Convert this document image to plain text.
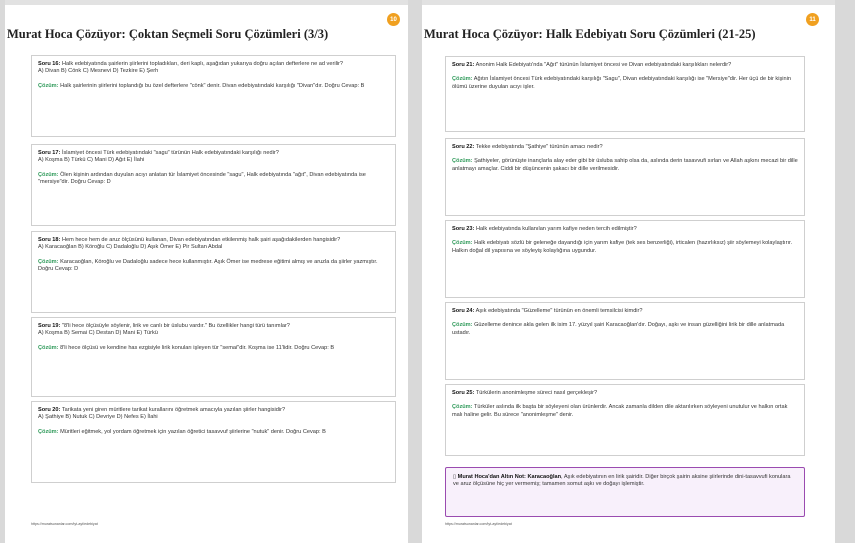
10
Murat Hoca Çözüyor: Çoktan Seçmeli Soru Çözümleri (3/3)
Soru 16: Halk edebiyatında şairlerin şiirlerini topladıkları, deri kaplı, aşağıdan yukarıya doğru açılan defterlere ne ad verilir?
A) Divan B) Cönk C) Mesnevi D) Tezkire E) Şerh
Çözüm: Halk şairlerinin şiirlerini toplandığı bu özel defterlere "cönk" denir. Divan edebiyatındaki karşılığı "Divan"dır. Doğru Cevap: B
Soru 17: İslamiyet öncesi Türk edebiyatındaki "sagu" türünün Halk edebiyatındaki karşılığı nedir?
A) Koşma B) Türkü C) Mani D) Ağıt E) İlahi
Çözüm: Ölen kişinin ardından duyulan acıyı anlatan tür İslamiyet öncesinde "sagu", Halk edebiyatında "ağıt", Divan edebiyatında ise "mersiye"dir. Doğru Cevap: D
Soru 18: Hem hece hem de aruz ölçüsünü kullanan, Divan edebiyatından etkilenmiş halk şairi aşağıdakilerden hangisidir?
A) Karacaoğlan B) Köroğlu C) Dadaloğlu D) Aşık Ömer E) Pir Sultan Abdal
Çözüm: Karacaoğlan, Köroğlu ve Dadaloğlu sadece hece kullanmıştır. Aşık Ömer ise medrese eğitimi almış ve aruzla da şiirler yazmıştır. Doğru Cevap: D
Soru 19: "8'li hece ölçüsüyle söylenir, lirik ve canlı bir üslubu vardır." Bu özellikler hangi türü tanımlar?
A) Koşma B) Semai C) Destan D) Mani E) Türkü
Çözüm: 8'li hece ölçüsü ve kendine has ezgisiyle lirik konuları işleyen tür "semai"dir. Koşma ise 11'lidir. Doğru Cevap: B
Soru 20: Tarikata yeni giren müritlere tarikat kurallarını öğretmek amacıyla yazılan şiirler hangisidir?
A) Şathiye B) Nutuk C) Devriye D) Nefes E) İlahi
Çözüm: Müritleri eğitmek, yol yordam öğretmek için yazılan öğretici tasavvuf şiirlerine "nutuk" denir. Doğru Cevap: B
https://muratsunanlar.com/tyt-ayt/edebiyat
11
Murat Hoca Çözüyor: Halk Edebiyatı Soru Çözümleri (21-25)
Soru 21: Anonim Halk Edebiyatı'nda "Ağıt" türünün İslamiyet öncesi ve Divan edebiyatındaki karşılıkları nelerdir?
Çözüm: Ağıtın İslamiyet öncesi Türk edebiyatındaki karşılığı "Sagu", Divan edebiyatındaki karşılığı ise "Mersiye"dir. Her üçü de bir kişinin ölümü üzerine duyulan acıyı işler.
Soru 22: Tekke edebiyatında "Şathiye" türünün amacı nedir?
Çözüm: Şathiyeler, görünüşte inançlarla alay eder gibi bir üslubа sahip olsa da, aslında derin tasavvufi sırları ve Allah aşkını mecazi bir dille anlatmayı amaçlar. Ciddi bir düşüncenin şakacı bir dille verilmesidir.
Soru 23: Halk edebiyatında kullanılan yarım kafiye neden tercih edilmiştir?
Çözüm: Halk edebiyatı sözlü bir geleneğe dayandığı için yarım kafiye (tek ses benzerliği), irticalen (hazırlıksız) şiir söylemeyi kolaylaştırır. Halkın doğal dil yapısına ve söyleyiş kolaylığına uygundur.
Soru 24: Aşık edebiyatında "Güzelleme" türünün en önemli temsilcisi kimdir?
Çözüm: Güzelleme denince akla gelen ilk isim 17. yüzyıl şairi Karacaoğlan'dır. Doğayı, aşkı ve insan güzelliğini lirik bir dille anlatmada ustadır.
Soru 25: Türkülerin anonimleşme süreci nasıl gerçekleşir?
Çözüm: Türküler aslında ilk başta bir söyleyeni olan ürünlerdir. Ancak zamanla dilden dile aktarılırken söyleyeni unutulur ve halkın ortak malı haline gelir. Bu sürece "anonimleşme" denir.
▯ Murat Hoca'dan Altın Not: Karacaoğlan, Aşık edebiyatının en lirik şairidir. Diğer birçok şairin aksine şiirlerinde dini-tasavvufi konulara ve aruz ölçüsüne hiç yer vermemiş; tamamen somut aşkı ve doğayı işlemiştir.
https://muratsunanlar.com/tyt-ayt/edebiyat
